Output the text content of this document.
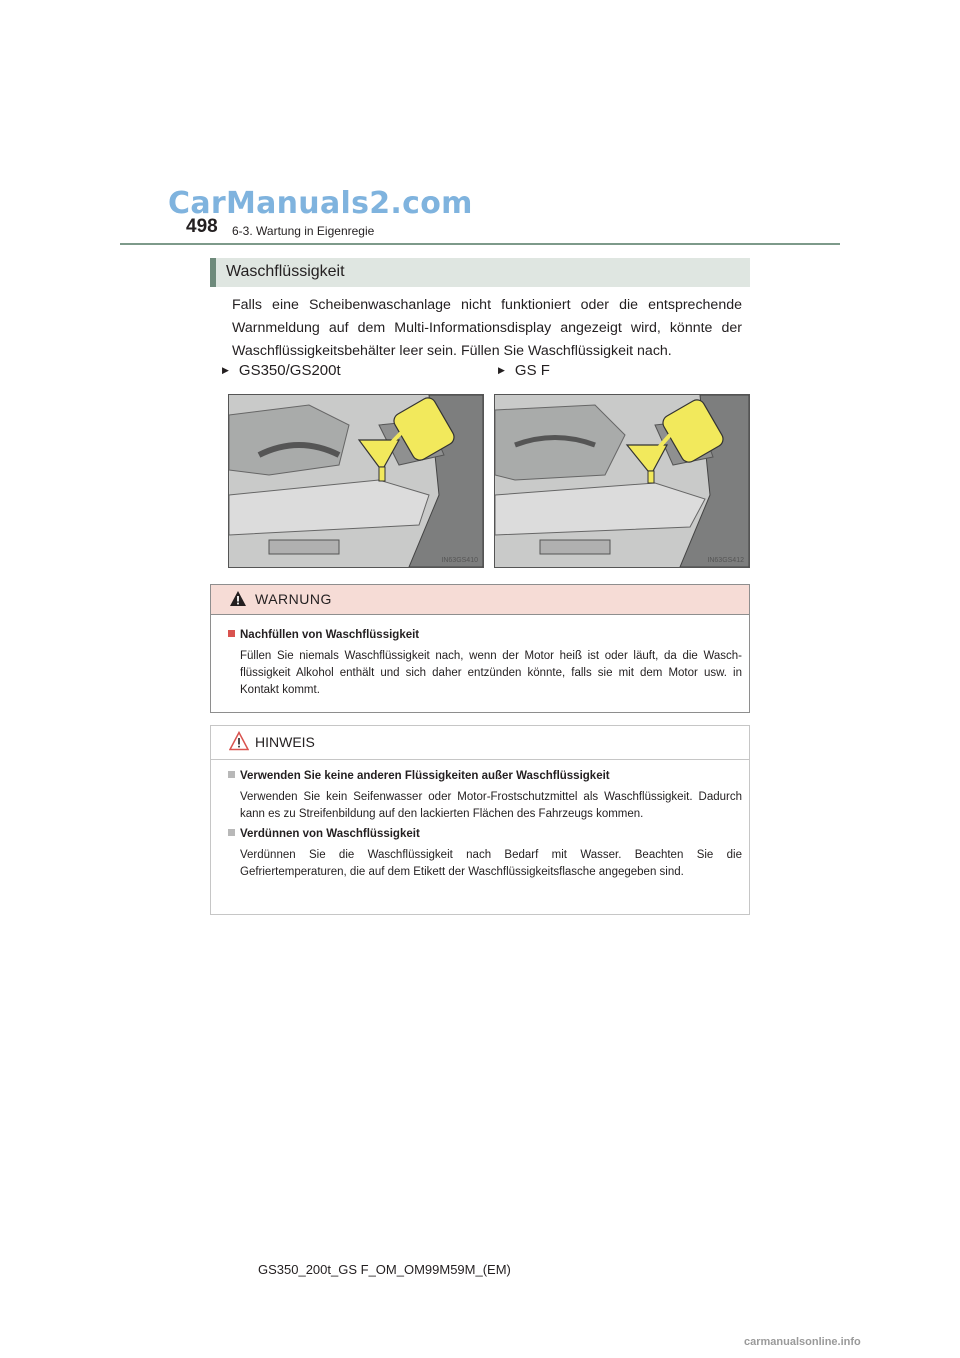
CarManuals2.com
498 6-3. Wartung in Eigenregie
Waschflüssigkeit

Falls eine Scheibenwaschanlage nicht funktioniert oder die entsprechende Warnmeldung auf dem Multi-Informationsdisplay angezeigt wird, könnte der Waschflüssigkeitsbehälter leer sein. Füllen Sie Waschflüssigkeit nach.

▶ GS350/GS200t	▶ GS F
IN63GS410	IN63GS412
WARNUNG
Nachfüllen von Waschflüssigkeit

Füllen Sie niemals Waschflüssigkeit nach, wenn der Motor heiß ist oder läuft, da die Wasch-flüssigkeit Alkohol enthält und sich daher entzünden könnte, falls sie mit dem Motor usw. in Kontakt kommt.

HINWEIS
Verwenden Sie keine anderen Flüssigkeiten außer Waschflüssigkeit

Verwenden Sie kein Seifenwasser oder Motor-Frostschutzmittel als Waschflüssigkeit. Dadurch kann es zu Streifenbildung auf den lackierten Flächen des Fahrzeugs kommen.

Verdünnen von Waschflüssigkeit

Verdünnen Sie die Waschflüssigkeit nach Bedarf mit Wasser. Beachten Sie die Gefriertemperaturen, die auf dem Etikett der Waschflüssigkeitsflasche angegeben sind.

GS350_200t_GS F_OM_OM99M59M_(EM)
carmanualsonline.info
